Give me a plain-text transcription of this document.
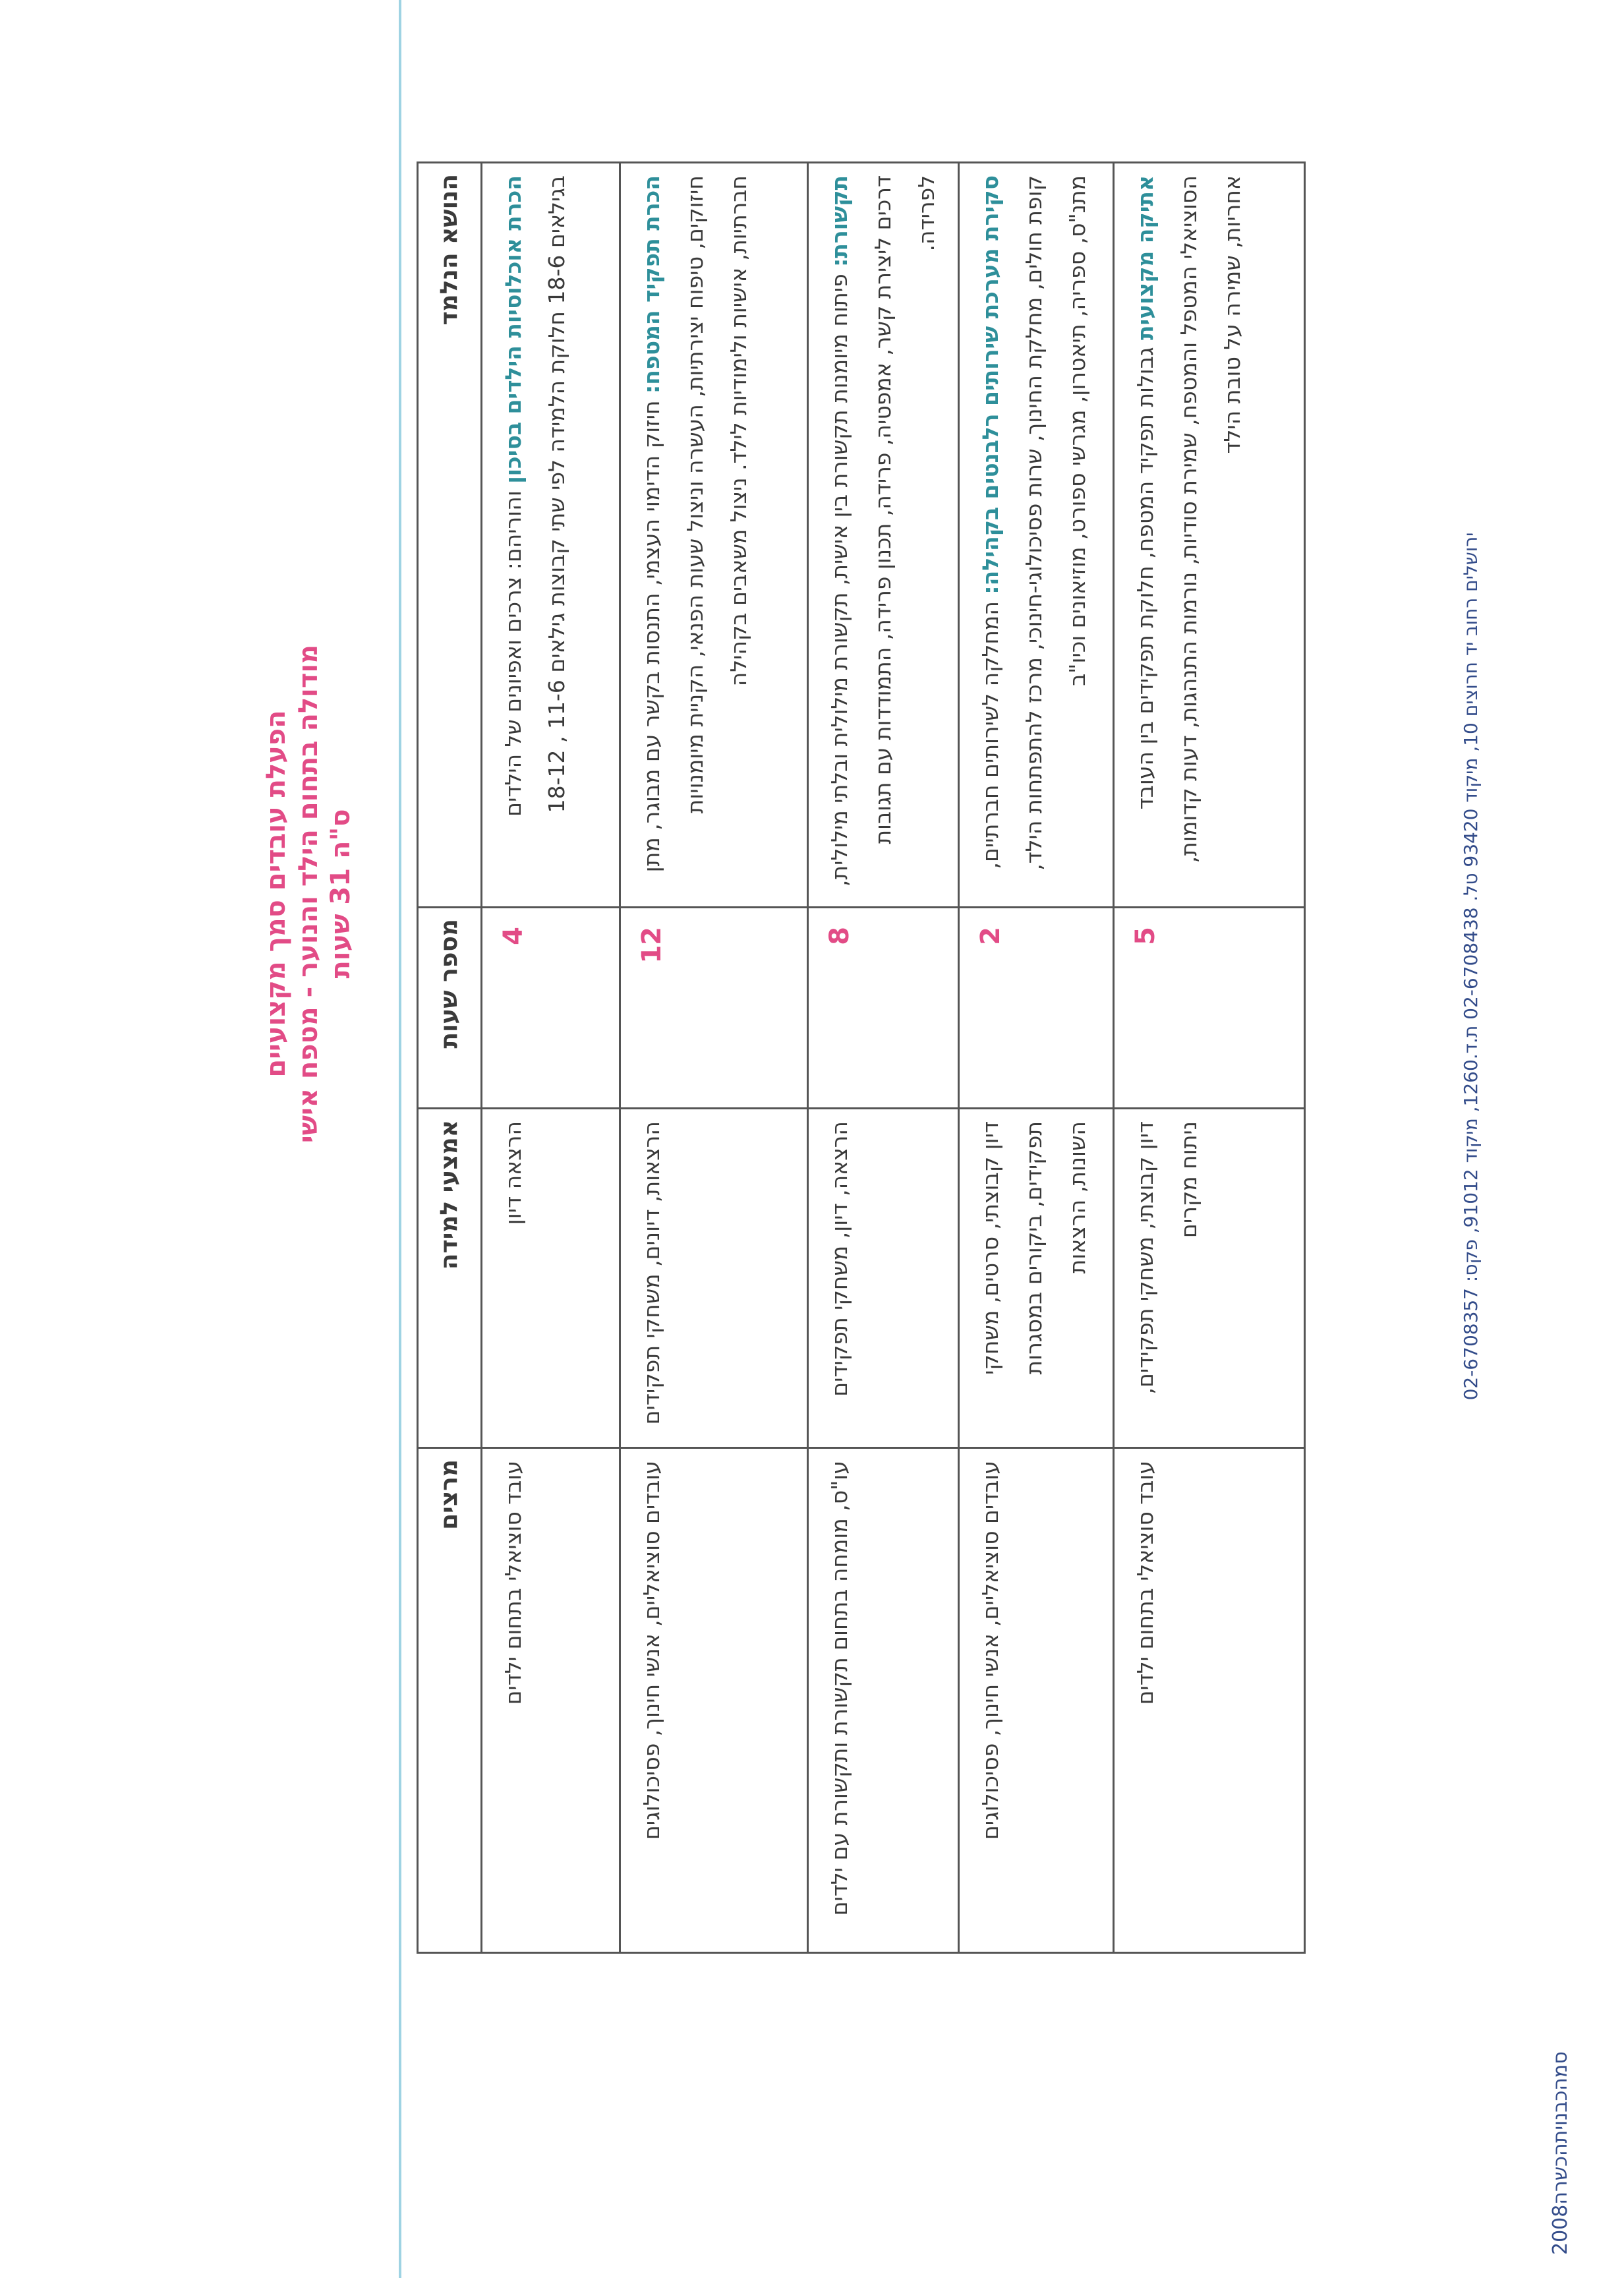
הפעלת עובדים סמך מקצועיים מודולה בתחום הילד והנוער - מטפח אישי ס"ה 31 שעות
הנושא הנלמד	מספר שעות	אמצעי למידה	מרצים
הכרת אוכלוסיות הילדים בסיכון והוריהם: צרכים ואפיונים של הילדים בגילאים 18-6 חלוקת הלמידה לפי שתי קבוצות גילאים 11-6 , 18-12	4	הרצאה דיון	עובד סוציאלי בתחום ילדים
הכרת תפקיד המטפח: חיזוק הדימוי העצמי, התנסות בקשר עם מבוגר, מתן חיזוקים, טיפוח יצירתיות, העשרה וניצול שעות הפנאי, הקניית מיומנויות חברתיות, אישיות ולימודיות לילד. ניצול משאבים בקהילה	12	הרצאות, דיונים, משחקי תפקידים	עובדים סוציאליים, אנשי חינוך, פסיכולוגים
תקשורת: פיתוח מיומנות תקשורת בין אישית, תקשורת מילולית ובלתי מילולית, דרכים ליצירת קשר, אמפטיה, פרידה, תכנון פרידה, התמודדות עם תגובות לפרידה.	8	הרצאה, דיון, משחקי תפקידים	עו"ס, מומחה בתחום תקשורת ותקשורת עם ילדים
סקירת מערכת שירותים רלבנטים בקהילה: המחלקה לשירותים חברתיים, קופת חולים, מחלקת החינוך, שרות פסיכולוגי-חינוכי, מרכז להתפתחות הילד, מתנ"ס, ספריה, תיאטרון, מגרשי ספורט, מוזיאונים וכיו"ב	2	דיון קבוצתי, סרטים, משחקי תפקידים, ביקורים במסגרות השונות, הרצאות	עובדים סוציאליים, אנשי חינוך, פסיכולוגים
אתיקה מקצועית גבולות תפקיד המטפח, חלוקת תפקידים בין העובד הסוציאלי המטפל והמטפח, שמירת סודיות, נורמות התנהגות, דעות קדומות, אחריות, שמירה על טובת הילד	5	דיון קבוצתי, משחקי תפקידים, ניתוח מקרים	עובד סוציאלי בתחום ילדים
ירושלים רחוב יד חרוצים 10, מיקוד 93420 טל. 02-6708438 ת.ד.1260, מיקוד 91012, פקס: 02-6708357
סמהכבנויתהכשרה2008
